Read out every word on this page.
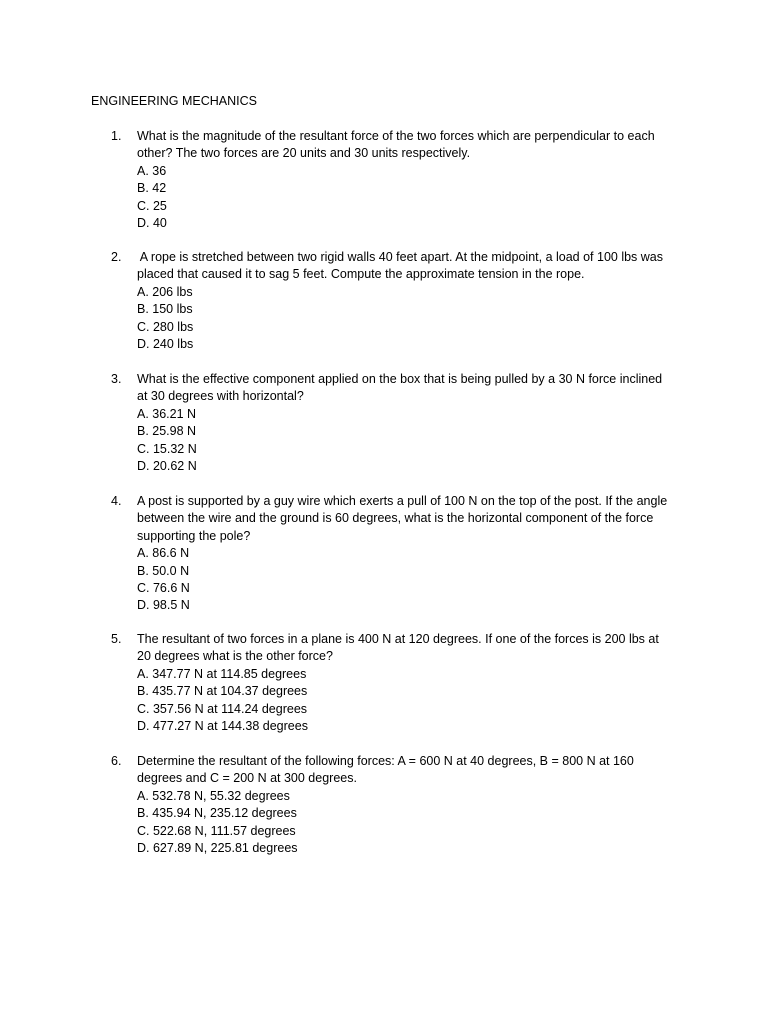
ENGINEERING MECHANICS
1.	What is the magnitude of the resultant force of the two forces which are perpendicular to each
other? The two forces are 20 units and 30 units respectively.
A. 36
B. 42
C. 25
D. 40
2.	A rope is stretched between two rigid walls 40 feet apart. At the midpoint, a load of 100 lbs was
placed that caused it to sag 5 feet. Compute the approximate tension in the rope.
A. 206 lbs
B. 150 lbs
C. 280 lbs
D. 240 lbs
3.	What is the effective component applied on the box that is being pulled by a 30 N force inclined
at 30 degrees with horizontal?
A. 36.21 N
B. 25.98 N
C. 15.32 N
D. 20.62 N
4.	A post is supported by a guy wire which exerts a pull of 100 N on the top of the post. If the angle
between the wire and the ground is 60 degrees, what is the horizontal component of the force
supporting the pole?
A. 86.6 N
B. 50.0 N
C. 76.6 N
D. 98.5 N
5.	The resultant of two forces in a plane is 400 N at 120 degrees. If one of the forces is 200 lbs at
20 degrees what is the other force?
A. 347.77 N at 114.85 degrees
B. 435.77 N at 104.37 degrees
C. 357.56 N at 114.24 degrees
D. 477.27 N at 144.38 degrees
6.	Determine the resultant of the following forces: A = 600 N at 40 degrees, B = 800 N at 160
degrees and C = 200 N at 300 degrees.
A. 532.78 N, 55.32 degrees
B. 435.94 N, 235.12 degrees
C. 522.68 N, 111.57 degrees
D. 627.89 N, 225.81 degrees
